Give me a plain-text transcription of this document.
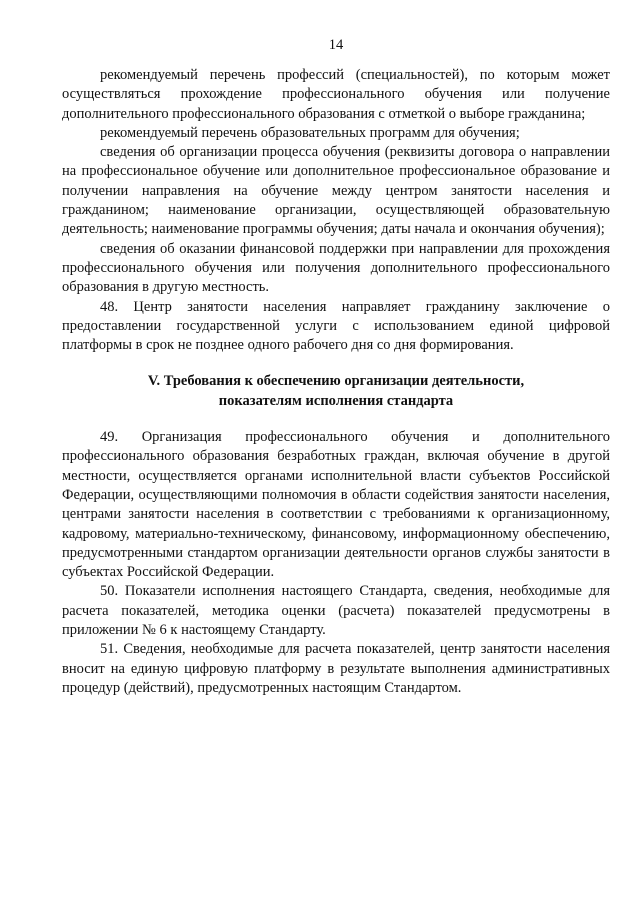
14

рекомендуемый перечень профессий (специальностей), по которым может осуществляться прохождение профессионального обучения или получение дополнительного профессионального образования с отметкой о выборе гражданина;

рекомендуемый перечень образовательных программ для обучения;

сведения об организации процесса обучения (реквизиты договора о направлении на профессиональное обучение или дополнительное профессиональное образование и получении направления на обучение между центром занятости населения и гражданином; наименование организации, осуществляющей образовательную деятельность; наименование программы обучения; даты начала и окончания обучения);

сведения об оказании финансовой поддержки при направлении для прохождения профессионального обучения или получения дополнительного профессионального образования в другую местность.

48. Центр занятости населения направляет гражданину заключение о предоставлении государственной услуги с использованием единой цифровой платформы в срок не позднее одного рабочего дня со дня формирования.

V. Требования к обеспечению организации деятельности,
показателям исполнения стандарта

49. Организация профессионального обучения и дополнительного профессионального образования безработных граждан, включая обучение в другой местности, осуществляется органами исполнительной власти субъектов Российской Федерации, осуществляющими полномочия в области содействия занятости населения, центрами занятости населения в соответствии с требованиями к организационному, кадровому, материально-техническому, финансовому, информационному обеспечению, предусмотренными стандартом организации деятельности органов службы занятости в субъектах Российской Федерации.

50. Показатели исполнения настоящего Стандарта, сведения, необходимые для расчета показателей, методика оценки (расчета) показателей предусмотрены в приложении № 6 к настоящему Стандарту.

51. Сведения, необходимые для расчета показателей, центр занятости населения вносит на единую цифровую платформу в результате выполнения административных процедур (действий), предусмотренных настоящим Стандартом.
